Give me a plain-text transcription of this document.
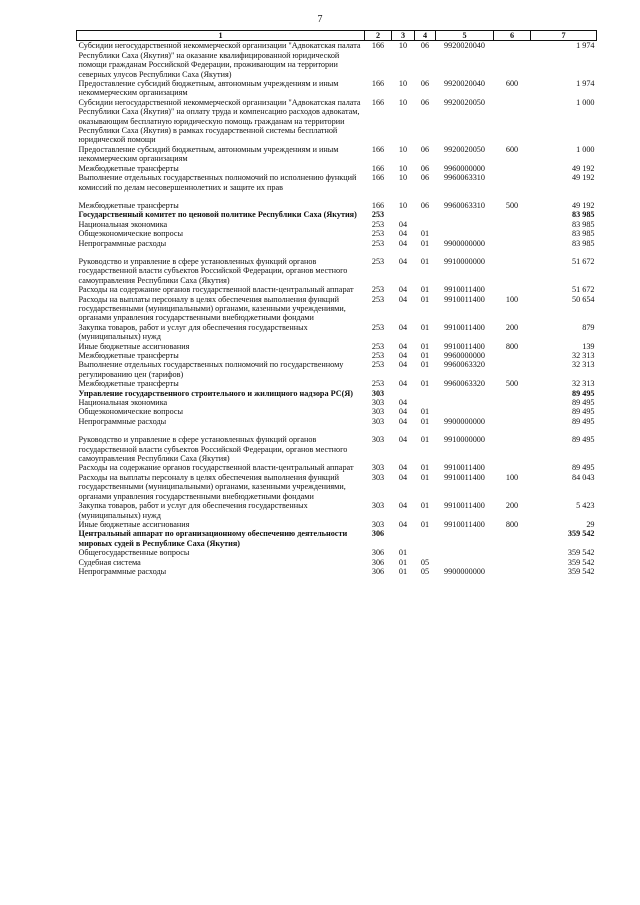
7
1	2	3	4	5	6	7
Субсидии негосударственной некоммерческой организации "Адвокатская палата Республики Саха (Якутия)" на оказание квалифицированной юридической помощи гражданам Российской Федерации, проживающим на территории северных улусов Республики Саха (Якутия)	166	10	06	9920020040		1 974
Предоставление субсидий бюджетным, автономным учреждениям и иным некоммерческим организациям	166	10	06	9920020040	600	1 974
Субсидии негосударственной некоммерческой организации "Адвокатская палата Республики Саха (Якутия)" на оплату труда и компенсацию расходов адвокатам, оказывающим бесплатную юридическую помощь гражданам на территории Республики Саха (Якутия) в рамках государственной системы бесплатной юридической помощи	166	10	06	9920020050		1 000
Предоставление субсидий бюджетным, автономным учреждениям и иным некоммерческим организациям	166	10	06	9920020050	600	1 000
Межбюджетные трансферты	166	10	06	9960000000		49 192
Выполнение отдельных государственных полномочий по исполнению функций комиссий по делам несовершеннолетних и защите их прав	166	10	06	9960063310		49 192
Межбюджетные трансферты	166	10	06	9960063310	500	49 192
Государственный комитет по ценовой политике Республики Саха (Якутия)	253					83 985
Национальная экономика	253	04				83 985
Общеэкономические вопросы	253	04	01			83 985
Непрограммные расходы	253	04	01	9900000000		83 985
Руководство и управление в сфере установленных функций органов государственной власти субъектов Российской Федерации, органов местного самоуправления Республики Саха (Якутия)	253	04	01	9910000000		51 672
Расходы на содержание органов государственной власти-центральный аппарат	253	04	01	9910011400		51 672
Расходы на выплаты персоналу в целях обеспечения выполнения функций государственными (муниципальными) органами, казенными учреждениями, органами управления государственными внебюджетными фондами	253	04	01	9910011400	100	50 654
Закупка товаров, работ и услуг для обеспечения государственных (муниципальных) нужд	253	04	01	9910011400	200	879
Иные бюджетные ассигнования	253	04	01	9910011400	800	139
Межбюджетные трансферты	253	04	01	9960000000		32 313
Выполнение отдельных государственных полномочий по государственному регулированию цен (тарифов)	253	04	01	9960063320		32 313
Межбюджетные трансферты	253	04	01	9960063320	500	32 313
Управление государственного строительного и жилищного надзора РС(Я)	303					89 495
Национальная экономика	303	04				89 495
Общеэкономические вопросы	303	04	01			89 495
Непрограммные расходы	303	04	01	9900000000		89 495
Руководство и управление в сфере установленных функций органов государственной власти субъектов Российской Федерации, органов местного самоуправления Республики Саха (Якутия)	303	04	01	9910000000		89 495
Расходы на содержание органов государственной власти-центральный аппарат	303	04	01	9910011400		89 495
Расходы на выплаты персоналу в целях обеспечения выполнения функций государственными (муниципальными) органами, казенными учреждениями, органами управления государственными внебюджетными фондами	303	04	01	9910011400	100	84 043
Закупка товаров, работ и услуг для обеспечения государственных (муниципальных) нужд	303	04	01	9910011400	200	5 423
Иные бюджетные ассигнования	303	04	01	9910011400	800	29
Центральный аппарат по организационному обеспечению деятельности мировых судей в Республике Саха (Якутия)	306					359 542
Общегосударственные вопросы	306	01				359 542
Судебная система	306	01	05			359 542
Непрограммные расходы	306	01	05	9900000000		359 542
